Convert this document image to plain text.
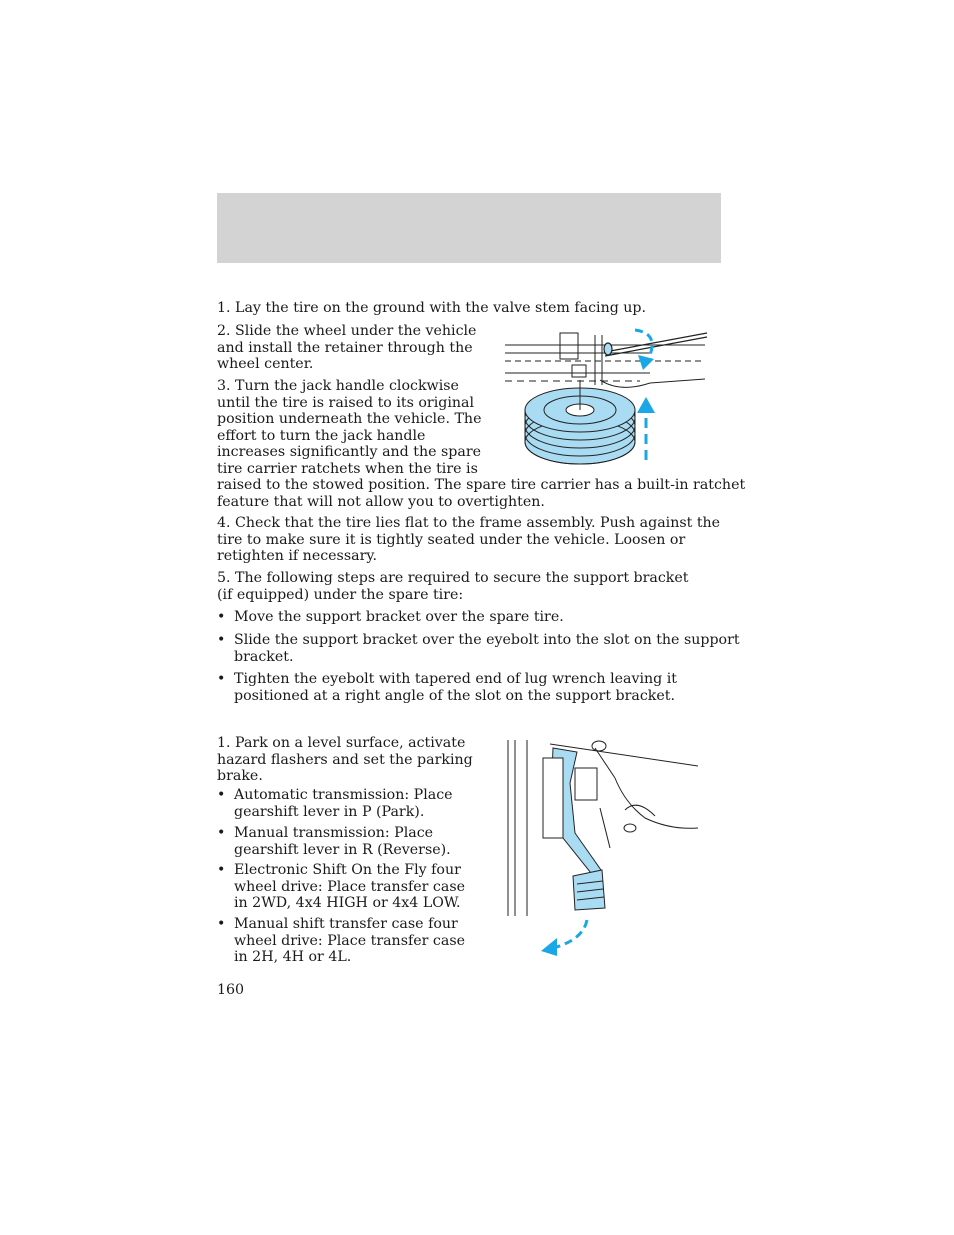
1. Lay the tire on the ground with the valve stem facing up.

2. Slide the wheel under the vehicle
and install the retainer through the
wheel center.

3. Turn the jack handle clockwise
until the tire is raised to its original
position underneath the vehicle. The
effort to turn the jack handle
increases significantly and the spare
tire carrier ratchets when the tire is
raised to the stowed position. The spare tire carrier has a built-in ratchet
feature that will not allow you to overtighten.

4. Check that the tire lies flat to the frame assembly. Push against the
tire to make sure it is tightly seated under the vehicle. Loosen or
retighten if necessary.

5. The following steps are required to secure the support bracket
(if equipped) under the spare tire:

• Move the support bracket over the spare tire.
• Slide the support bracket over the eyebolt into the slot on the support
bracket.
• Tighten the eyebolt with tapered end of lug wrench leaving it
positioned at a right angle of the slot on the support bracket.

1. Park on a level surface, activate
hazard flashers and set the parking
brake.

• Automatic transmission: Place
gearshift lever in P (Park).
• Manual transmission: Place
gearshift lever in R (Reverse).
• Electronic Shift On the Fly four
wheel drive: Place transfer case
in 2WD, 4x4 HIGH or 4x4 LOW.
• Manual shift transfer case four
wheel drive: Place transfer case
in 2H, 4H or 4L.

160
